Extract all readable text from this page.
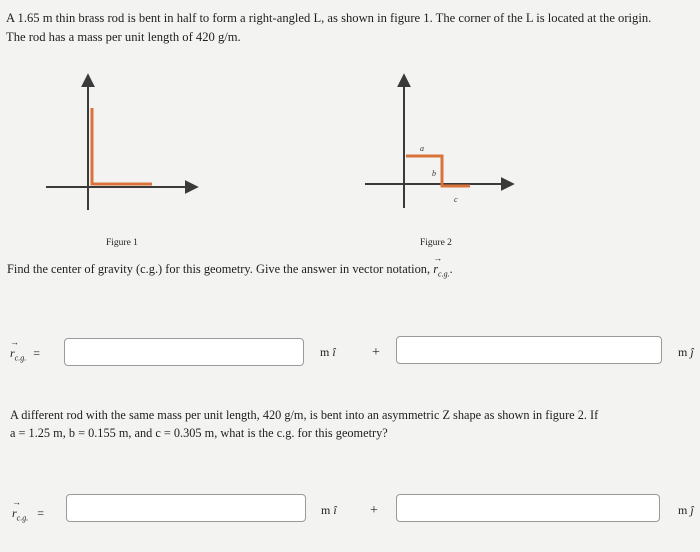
A 1.65 m thin brass rod is bent in half to form a right-angled L, as shown in figure 1. The corner of the L is located at the origin.
The rod has a mass per unit length of 420 g/m.
a
b
c
Figure 1	Figure 2
Find the center of gravity (c.g.) for this geometry. Give the answer in vector notation,
→
$r_{c.g.}$.
→
$r_{c.g.}$ =	m î	+	m ĵ
A different rod with the same mass per unit length, 420 g/m, is bent into an asymmetric Z shape as shown in figure 2. If
a = 1.25 m, b = 0.155 m, and c = 0.305 m, what is the c.g. for this geometry?
→
$r_{c.g.}$ =	m î +	m ĵ
